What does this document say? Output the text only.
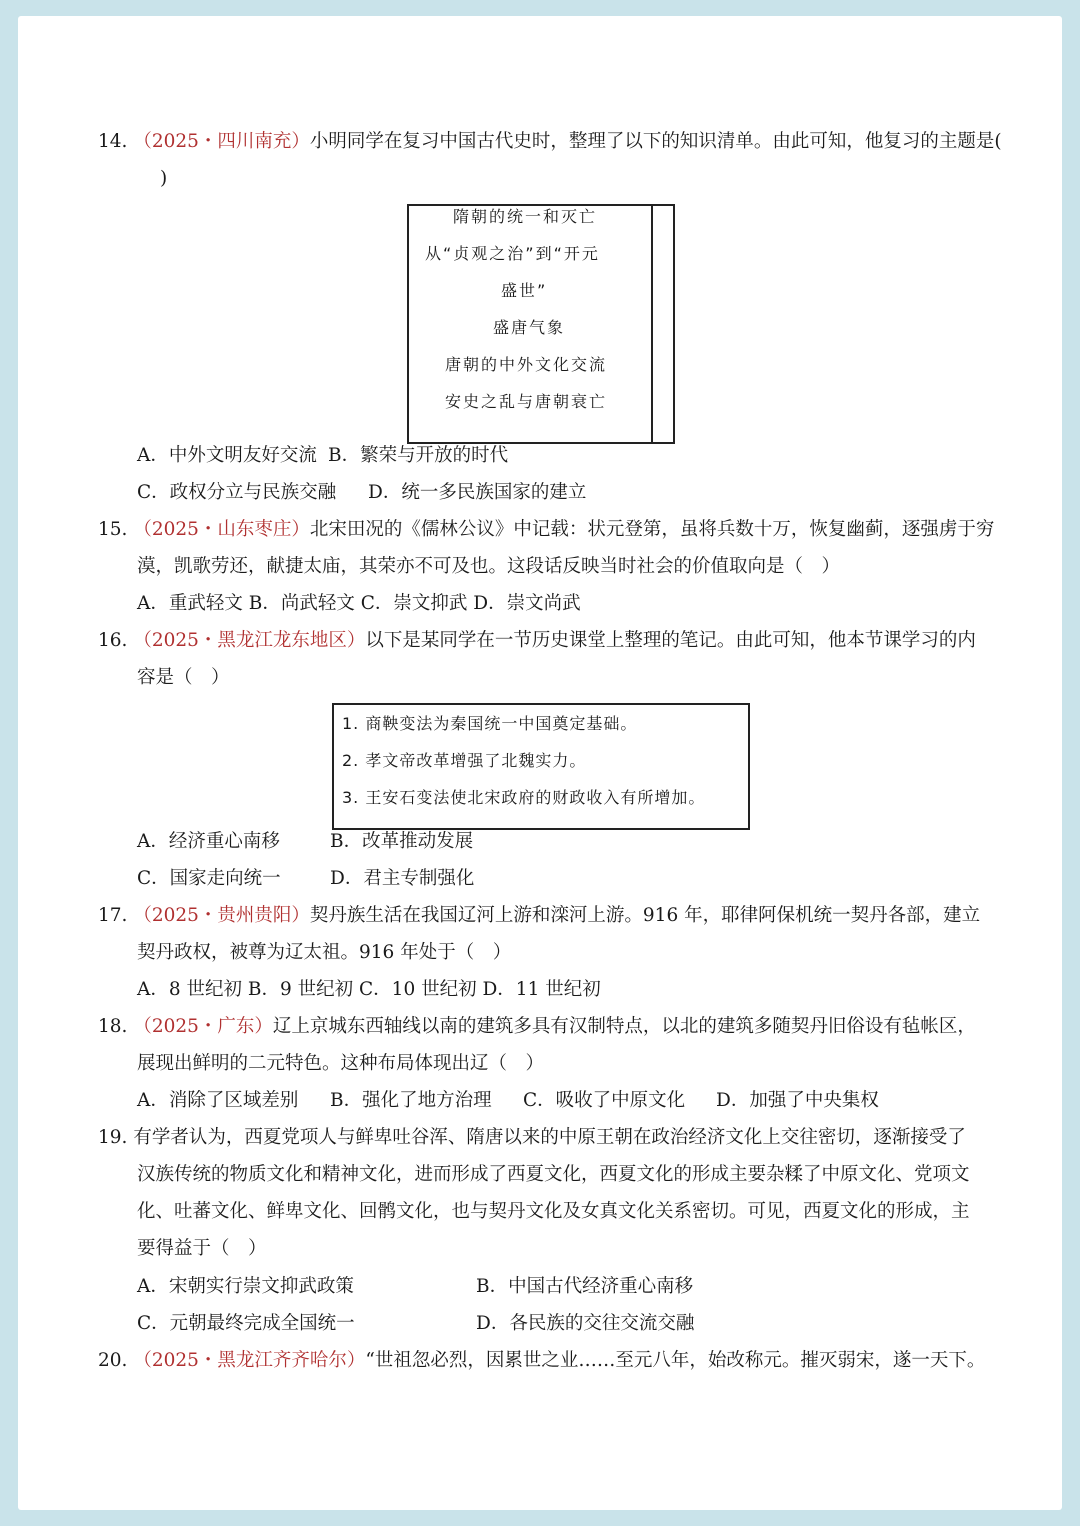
14. （2025・四川南充）小明同学在复习中国古代史时，整理了以下的知识清单。由此可知，他复习的主题是(
)
隋朝的统一和灭亡
从“贞观之治”到“开元
盛世”
盛唐气象
唐朝的中外文化交流
安史之乱与唐朝衰亡
A．中外文明友好交流 B．繁荣与开放的时代
C．政权分立与民族交融 D．统一多民族国家的建立
15. （2025・山东枣庄）北宋田况的《儒林公议》中记载：状元登第，虽将兵数十万，恢复幽蓟，逐强虏于穷
漠，凯歌劳还，献捷太庙，其荣亦不可及也。这段话反映当时社会的价值取向是（　）
A．重武轻文 B．尚武轻文 C．崇文抑武 D．崇文尚武
16. （2025・黑龙江龙东地区）以下是某同学在一节历史课堂上整理的笔记。由此可知，他本节课学习的内
容是（　）
1. 商鞅变法为秦国统一中国奠定基础。
2. 孝文帝改革增强了北魏实力。
3. 王安石变法使北宋政府的财政收入有所增加。
A．经济重心南移	B．改革推动发展
C．国家走向统一	D．君主专制强化
17. （2025・贵州贵阳）契丹族生活在我国辽河上游和滦河上游。916 年，耶律阿保机统一契丹各部，建立
契丹政权，被尊为辽太祖。916 年处于（　）
A．8 世纪初 B．9 世纪初 C．10 世纪初 D．11 世纪初
18. （2025・广东）辽上京城东西轴线以南的建筑多具有汉制特点，以北的建筑多随契丹旧俗设有毡帐区，
展现出鲜明的二元特色。这种布局体现出辽（　）
A．消除了区域差别 B．强化了地方治理 C．吸收了中原文化 D．加强了中央集权
19. 有学者认为，西夏党项人与鲜卑吐谷浑、隋唐以来的中原王朝在政治经济文化上交往密切，逐渐接受了
汉族传统的物质文化和精神文化，进而形成了西夏文化，西夏文化的形成主要杂糅了中原文化、党项文
化、吐蕃文化、鲜卑文化、回鹘文化，也与契丹文化及女真文化关系密切。可见，西夏文化的形成，主
要得益于（　）
A．宋朝实行崇文抑武政策	B．中国古代经济重心南移
C．元朝最终完成全国统一	D．各民族的交往交流交融
20. （2025・黑龙江齐齐哈尔）“世祖忽必烈，因累世之业……至元八年，始改称元。摧灭弱宋，遂一天下。
